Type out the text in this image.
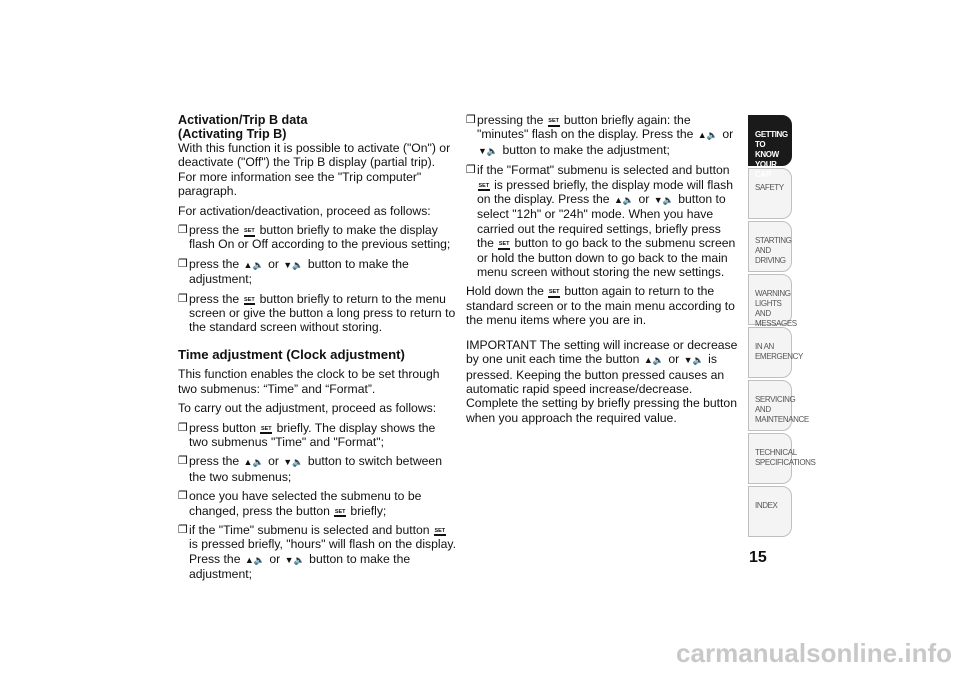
Activation/Trip B data
(Activating Trip B)

With this function it is possible to activate ("On") or deactivate ("Off") the Trip B display (partial trip). For more information see the "Trip computer" paragraph.

For activation/deactivation, proceed as follows:

❐ press the SET button briefly to make the display flash On or Off according to the previous setting;
❐ press the ▲🔈 or ▼🔈 button to make the adjustment;
❐ press the SET button briefly to return to the menu screen or give the button a long press to return to the standard screen without storing.
Time adjustment (Clock adjustment)

This function enables the clock to be set through two submenus: “Time” and “Format”.

To carry out the adjustment, proceed as follows:

❐ press button SET briefly. The display shows the two submenus "Time" and "Format";
❐ press the ▲🔈 or ▼🔈 button to switch between the two submenus;
❐ once you have selected the submenu to be changed, press the button SET briefly;
❐ if the "Time" submenu is selected and button SET is pressed briefly, "hours" will flash on the display. Press the ▲🔈 or ▼🔈 button to make the adjustment;
❐ pressing the SET button briefly again: the "minutes" flash on the display. Press the ▲🔈 or ▼🔈 button to make the adjustment;
❐ if the "Format" submenu is selected and button SET is pressed briefly, the display mode will flash on the display. Press the ▲🔈 or ▼🔈 button to select "12h" or "24h" mode. When you have carried out the required settings, briefly press the SET button to go back to the submenu screen or hold the button down to go back to the main menu screen without storing the new settings.

Hold down the SET button again to return to the standard screen or to the main menu according to the menu items where you are in.

IMPORTANT The setting will increase or decrease by one unit each time the button ▲🔈 or ▼🔈 is pressed. Keeping the button pressed causes an automatic rapid speed increase/decrease. Complete the setting by briefly pressing the button when you approach the required value.

GETTING TO
KNOW YOUR CAR
SAFETY
STARTING AND
DRIVING
WARNING LIGHTS
AND MESSAGES
IN AN EMERGENCY
SERVICING AND
MAINTENANCE
TECHNICAL
SPECIFICATIONS
INDEX
15
carmanualsonline.info
